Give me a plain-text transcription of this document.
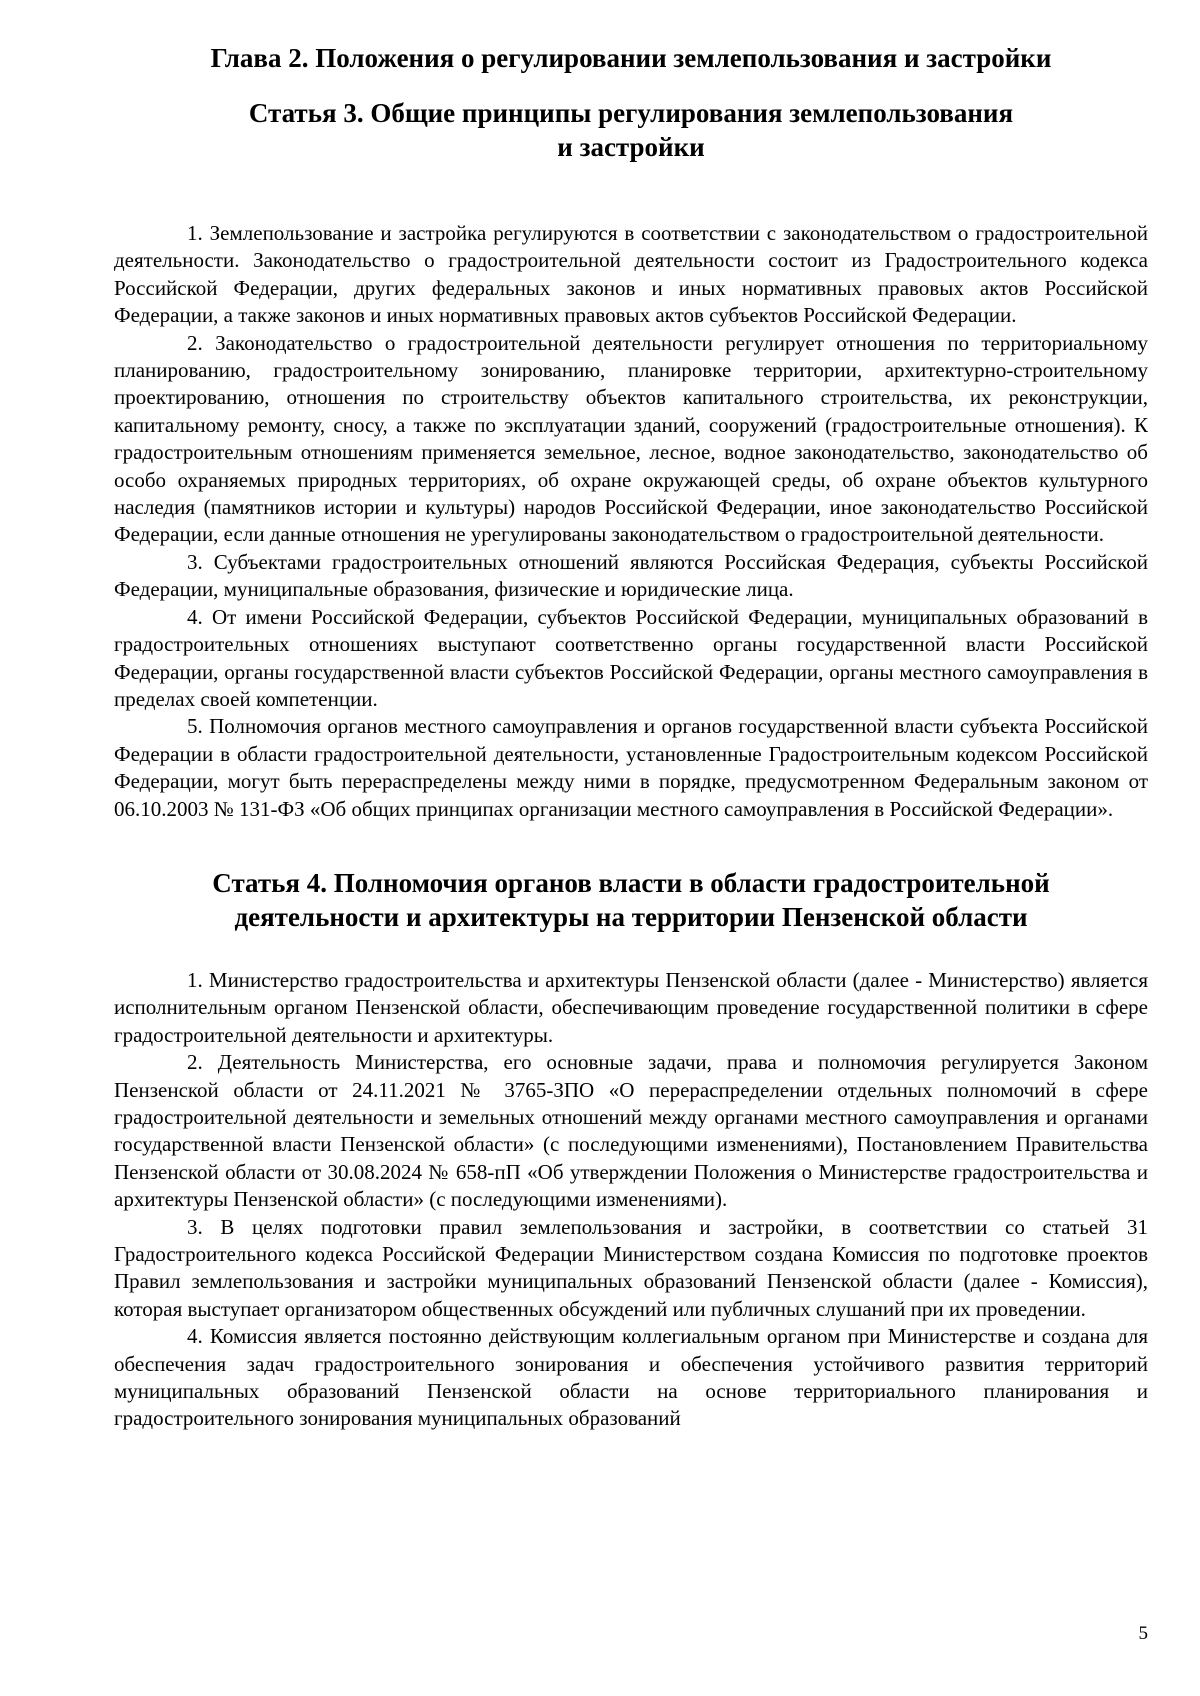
Глава 2. Положения о регулировании землепользования и застройки
Статья 3. Общие принципы регулирования землепользования
и застройки

1. Землепользование и застройка регулируются в соответствии с законодательством о градостроительной деятельности. Законодательство о градостроительной деятельности состоит из Градостроительного кодекса Российской Федерации, других федеральных законов и иных нормативных правовых актов Российской Федерации, а также законов и иных нормативных правовых актов субъектов Российской Федерации.

2. Законодательство о градостроительной деятельности регулирует отношения по территориальному планированию, градостроительному зонированию, планировке территории, архитектурно-строительному проектированию, отношения по строительству объектов капитального строительства, их реконструкции, капитальному ремонту, сносу, а также по эксплуатации зданий, сооружений (градостроительные отношения). К градостроительным отношениям применяется земельное, лесное, водное законодательство, законодательство об особо охраняемых природных территориях, об охране окружающей среды, об охране объектов культурного наследия (памятников истории и культуры) народов Российской Федерации, иное законодательство Российской Федерации, если данные отношения не урегулированы законодательством о градостроительной деятельности.

3. Субъектами градостроительных отношений являются Российская Федерация, субъекты Российской Федерации, муниципальные образования, физические и юридические лица.

4. От имени Российской Федерации, субъектов Российской Федерации, муниципальных образований в градостроительных отношениях выступают соответственно органы государственной власти Российской Федерации, органы государственной власти субъектов Российской Федерации, органы местного самоуправления в пределах своей компетенции.

5. Полномочия органов местного самоуправления и органов государственной власти субъекта Российской Федерации в области градостроительной деятельности, установленные Градостроительным кодексом Российской Федерации, могут быть перераспределены между ними в порядке, предусмотренном Федеральным законом от 06.10.2003 № 131-ФЗ «Об общих принципах организации местного самоуправления в Российской Федерации».

Статья 4. Полномочия органов власти в области градостроительной
деятельности и архитектуры на территории Пензенской области

1. Министерство градостроительства и архитектуры Пензенской области (далее - Министерство) является исполнительным органом Пензенской области, обеспечивающим проведение государственной политики в сфере градостроительной деятельности и архитектуры.

2. Деятельность Министерства, его основные задачи, права и полномочия регулируется Законом Пензенской области от 24.11.2021 № 3765-ЗПО «О перераспределении отдельных полномочий в сфере градостроительной деятельности и земельных отношений между органами местного самоуправления и органами государственной власти Пензенской области» (с последующими изменениями), Постановлением Правительства Пензенской области от 30.08.2024 № 658-пП «Об утверждении Положения о Министерстве градостроительства и архитектуры Пензенской области» (с последующими изменениями).

3. В целях подготовки правил землепользования и застройки, в соответствии со статьей 31 Градостроительного кодекса Российской Федерации Министерством создана Комиссия по подготовке проектов Правил землепользования и застройки муниципальных образований Пензенской области (далее - Комиссия), которая выступает организатором общественных обсуждений или публичных слушаний при их проведении.

4. Комиссия является постоянно действующим коллегиальным органом при Министерстве и создана для обеспечения задач градостроительного зонирования и обеспечения устойчивого развития территорий муниципальных образований Пензенской области на основе территориального планирования и градостроительного зонирования муниципальных образований

5
